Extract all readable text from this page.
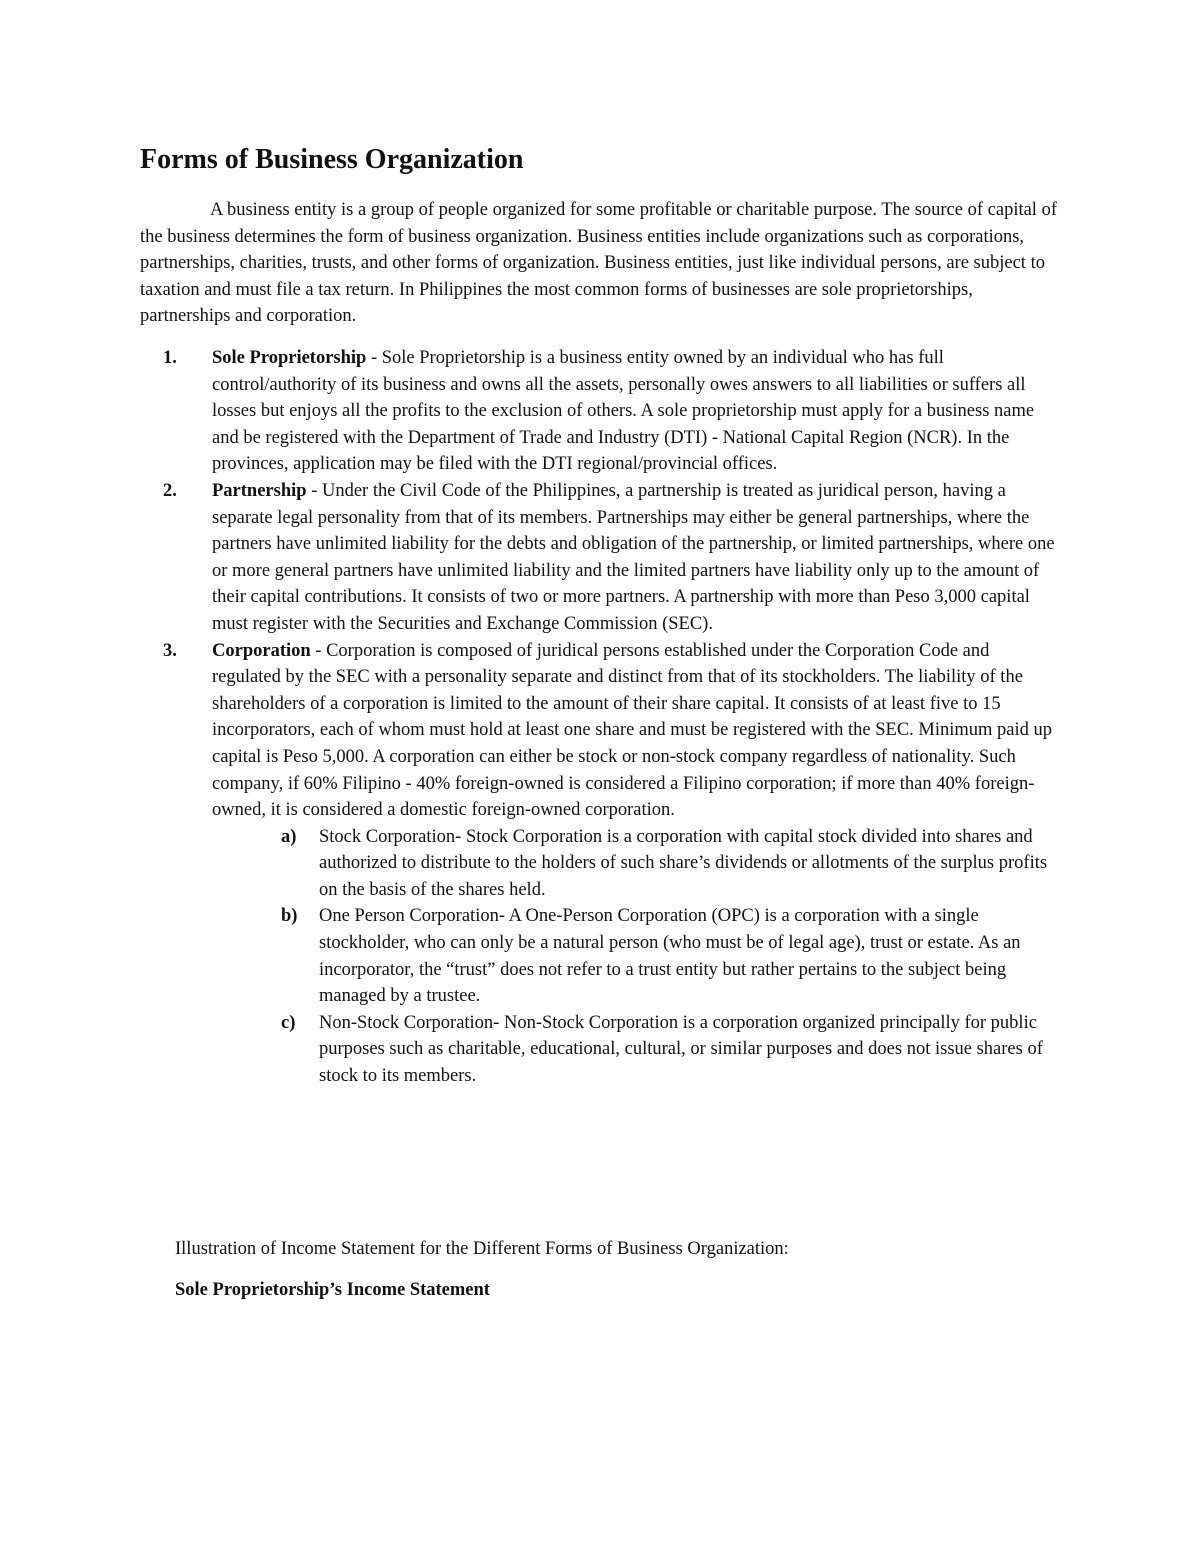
Forms of Business Organization

A business entity is a group of people organized for some profitable or charitable purpose. The source of capital of the business determines the form of business organization. Business entities include organizations such as corporations, partnerships, charities, trusts, and other forms of organization. Business entities, just like individual persons, are subject to taxation and must file a tax return. In Philippines the most common forms of businesses are sole proprietorships, partnerships and corporation.

1. Sole Proprietorship - Sole Proprietorship is a business entity owned by an individual who has full control/authority of its business and owns all the assets, personally owes answers to all liabilities or suffers all losses but enjoys all the profits to the exclusion of others. A sole proprietorship must apply for a business name and be registered with the Department of Trade and Industry (DTI) - National Capital Region (NCR). In the provinces, application may be filed with the DTI regional/provincial offices.
2. Partnership - Under the Civil Code of the Philippines, a partnership is treated as juridical person, having a separate legal personality from that of its members. Partnerships may either be general partnerships, where the partners have unlimited liability for the debts and obligation of the partnership, or limited partnerships, where one or more general partners have unlimited liability and the limited partners have liability only up to the amount of their capital contributions. It consists of two or more partners. A partnership with more than Peso 3,000 capital must register with the Securities and Exchange Commission (SEC).
3. Corporation - Corporation is composed of juridical persons established under the Corporation Code and regulated by the SEC with a personality separate and distinct from that of its stockholders. The liability of the shareholders of a corporation is limited to the amount of their share capital. It consists of at least five to 15 incorporators, each of whom must hold at least one share and must be registered with the SEC. Minimum paid up capital is Peso 5,000. A corporation can either be stock or non-stock company regardless of nationality. Such company, if 60% Filipino - 40% foreign-owned is considered a Filipino corporation; if more than 40% foreign-owned, it is considered a domestic foreign-owned corporation.
a) Stock Corporation- Stock Corporation is a corporation with capital stock divided into shares and authorized to distribute to the holders of such share’s dividends or allotments of the surplus profits on the basis of the shares held.
b) One Person Corporation- A One-Person Corporation (OPC) is a corporation with a single stockholder, who can only be a natural person (who must be of legal age), trust or estate. As an incorporator, the “trust” does not refer to a trust entity but rather pertains to the subject being managed by a trustee.
c) Non-Stock Corporation- Non-Stock Corporation is a corporation organized principally for public purposes such as charitable, educational, cultural, or similar purposes and does not issue shares of stock to its members.

Illustration of Income Statement for the Different Forms of Business Organization:

Sole Proprietorship’s Income Statement
